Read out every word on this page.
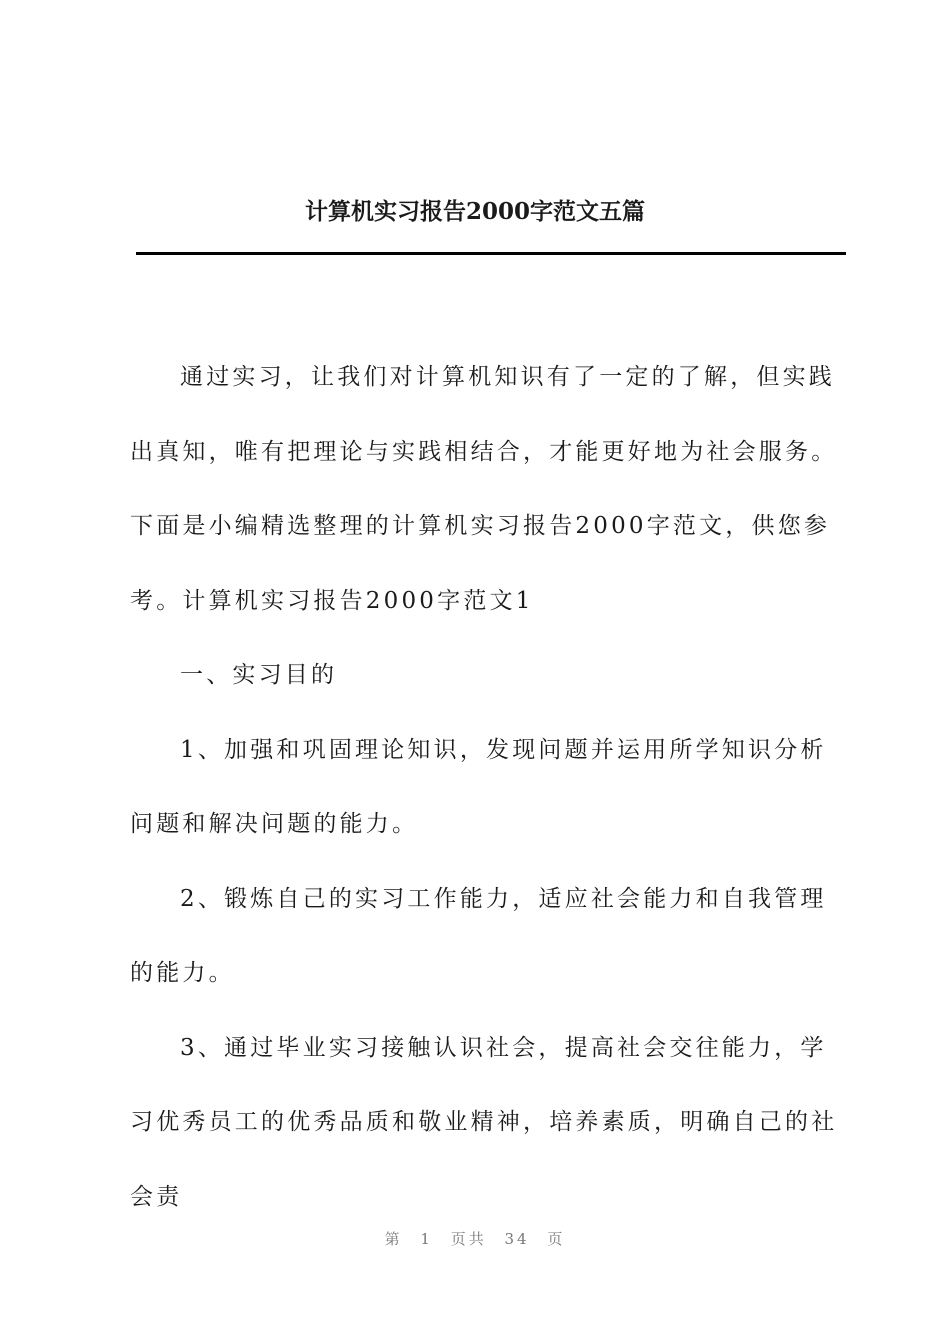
计算机实习报告2000字范文五篇

通过实习，让我们对计算机知识有了一定的了解，但实践出真知，唯有把理论与实践相结合，才能更好地为社会服务。下面是小编精选整理的计算机实习报告2000字范文，供您参考。计算机实习报告2000字范文1

一、实习目的

1、加强和巩固理论知识，发现问题并运用所学知识分析问题和解决问题的能力。

2、锻炼自己的实习工作能力，适应社会能力和自我管理的能力。

3、通过毕业实习接触认识社会，提高社会交往能力，学习优秀员工的优秀品质和敬业精神，培养素质，明确自己的社会责

第 1 页共 34 页
